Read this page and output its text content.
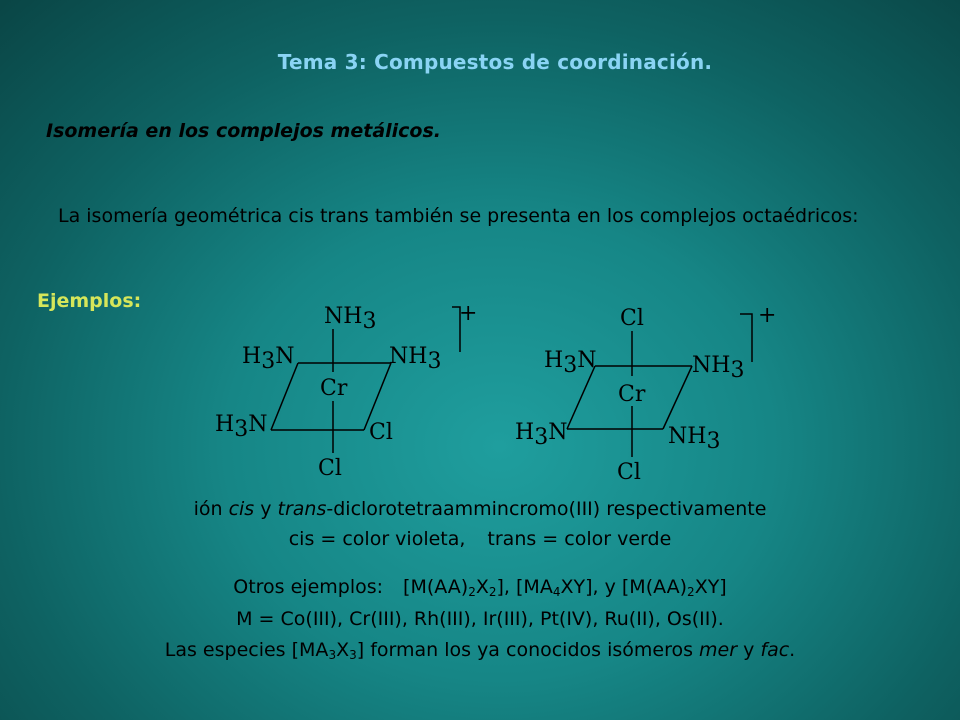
Tema 3: Compuestos de coordinación.
Isomería en los complejos metálicos.
La isomería geométrica cis trans también se presenta en los complejos octaédricos:
Ejemplos:
NH3
H3N	NH3
Cr
H3N	Cl
Cl
+	Cl
H3N	NH3
Cr
H3N	NH3
Cl
+
ión cis y trans-diclorotetraammincromo(III) respectivamente
cis = color violeta, trans = color verde
Otros ejemplos: $[M(AA)_2X_2]$, $[MA_4XY]$, y $[M(AA)_2XY]$
M = Co(III), Cr(III), Rh(III), Ir(III), Pt(IV), Ru(II), Os(II).
Las especies $[MA_3X_3]$ forman los ya conocidos isómeros mer y fac.
